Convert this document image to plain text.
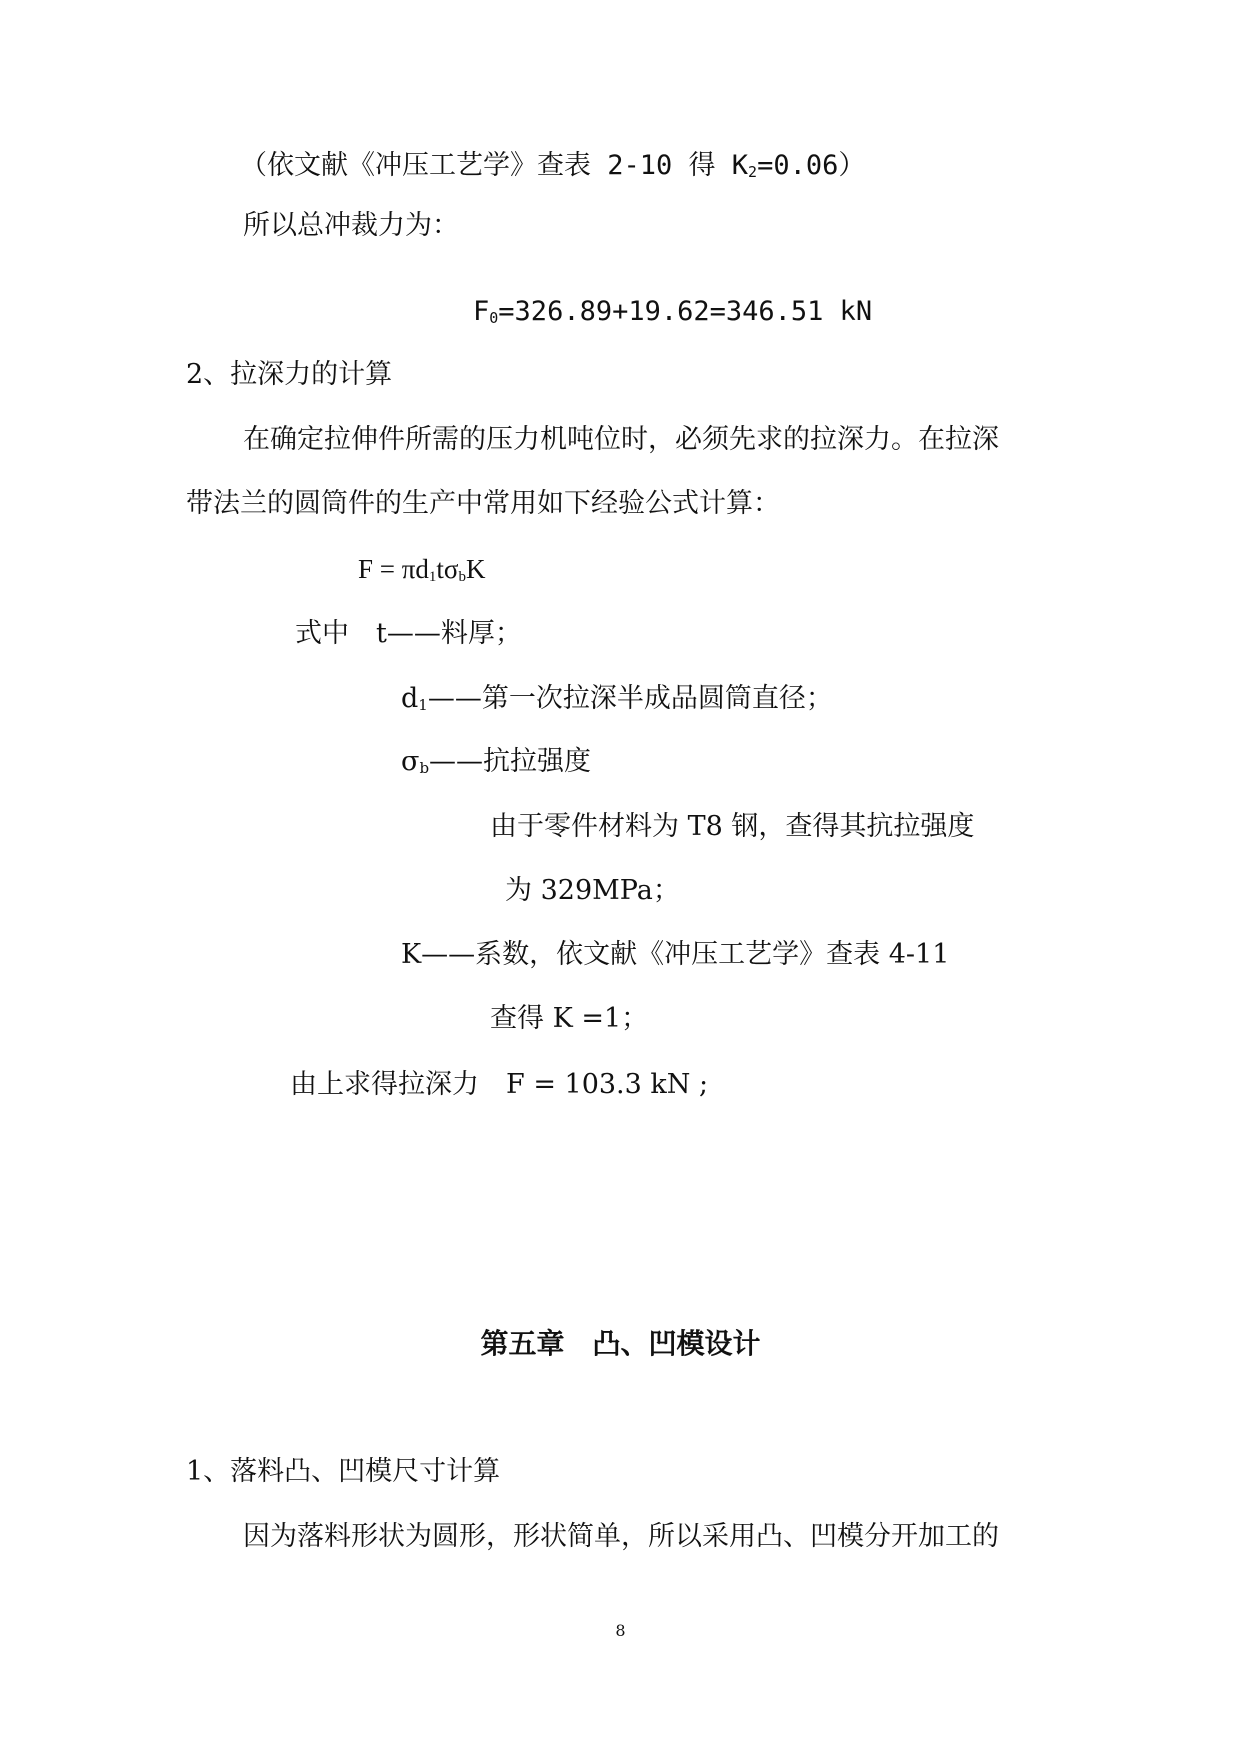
（依文献《冲压工艺学》查表 2-10 得 $K_2=0.06$）
所以总冲裁力为：
$F_0=326.89+19.62=346.51$ kN
2、拉深力的计算
在确定拉伸件所需的压力机吨位时，必须先求的拉深力。在拉深
带法兰的圆筒件的生产中常用如下经验公式计算：
$F = \pi d_1t\sigma_bK$
式中　t——料厚；
$d_1——$第一次拉深半成品圆筒直径；
$\sigma_b——$抗拉强度
由于零件材料为 T8 钢，查得其抗拉强度
为 329MPa；
K——系数，依文献《冲压工艺学》查表 4-11
查得 K =1；
由上求得拉深力　F = 103.3 kN ;
第五章　凸、凹模设计
1、落料凸、凹模尺寸计算
因为落料形状为圆形，形状简单，所以采用凸、凹模分开加工的
8
